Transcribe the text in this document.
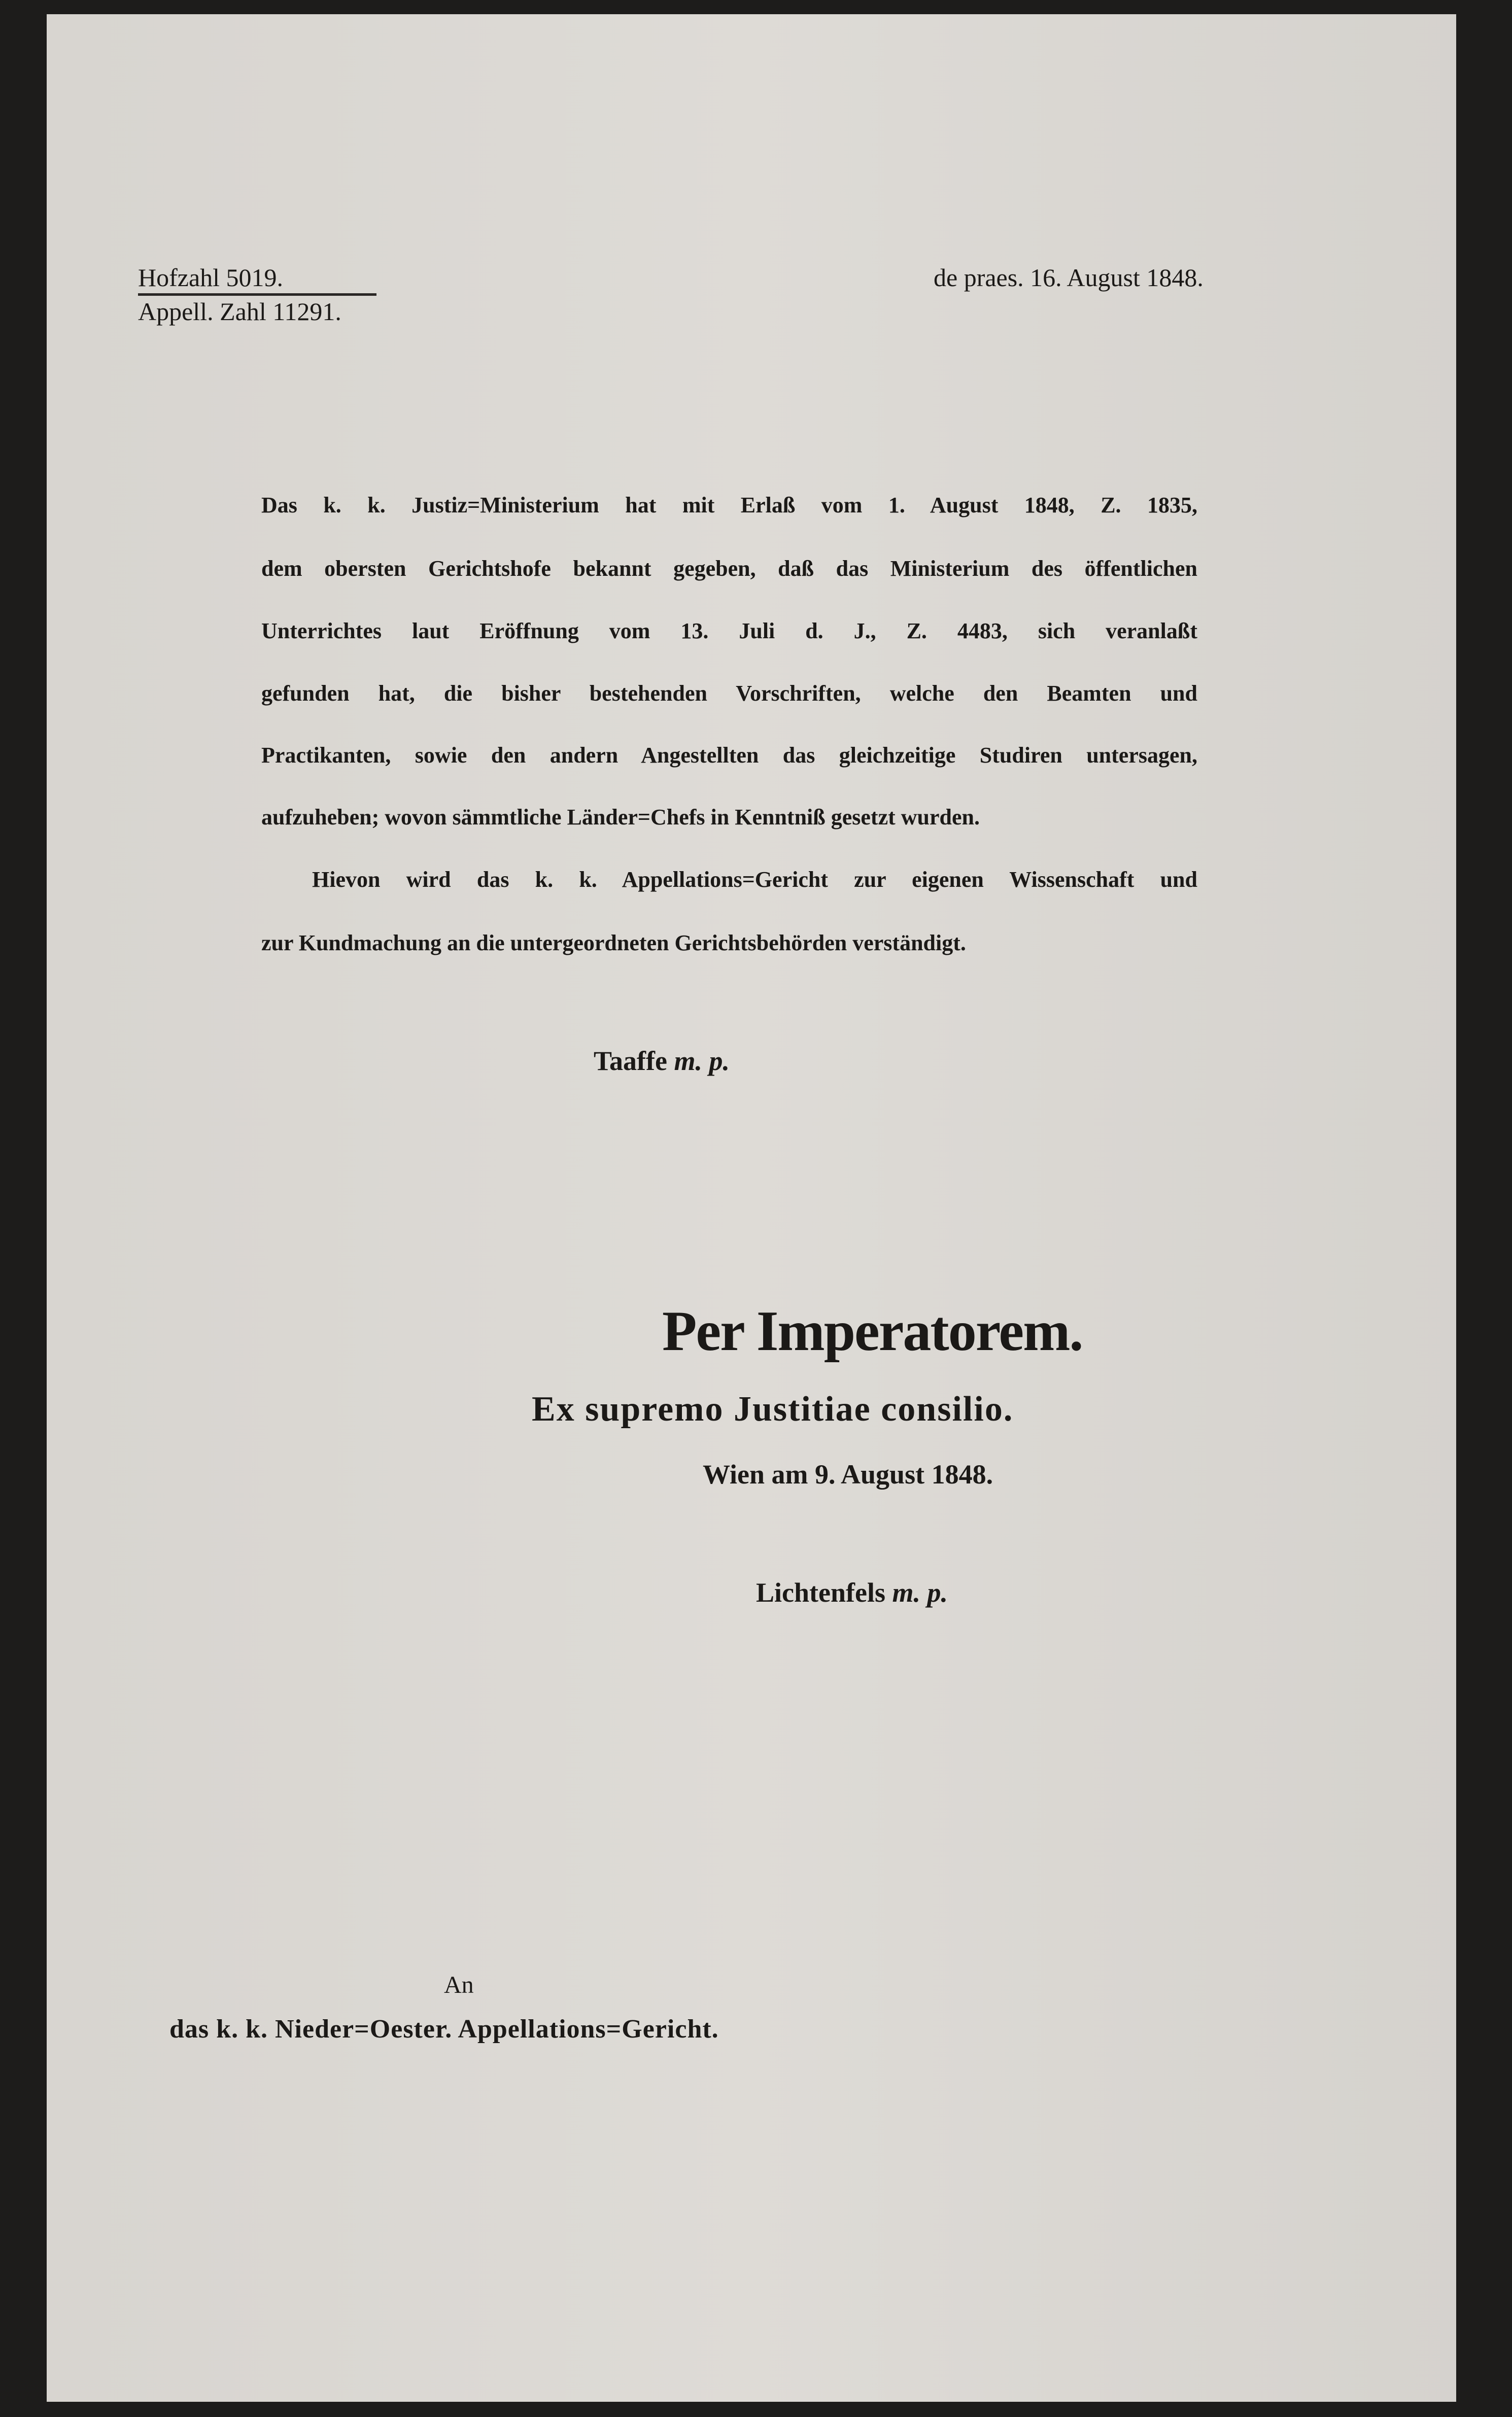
Hofzahl 5019.
Appell. Zahl 11291.
de praes. 16. August 1848.
Das k. k. Justiz=Ministerium hat mit Erlaß vom 1. August 1848, Z. 1835,
dem obersten Gerichtshofe bekannt gegeben, daß das Ministerium des öffentlichen
Unterrichtes laut Eröffnung vom 13. Juli d. J., Z. 4483, sich veranlaßt
gefunden hat, die bisher bestehenden Vorschriften, welche den Beamten und
Practikanten, sowie den andern Angestellten das gleichzeitige Studiren untersagen,
aufzuheben; wovon sämmtliche Länder=Chefs in Kenntniß gesetzt wurden.
Hievon wird das k. k. Appellations=Gericht zur eigenen Wissenschaft und
zur Kundmachung an die untergeordneten Gerichtsbehörden verständigt.
Taaffe m. p.
Per Imperatorem.
Ex supremo Justitiae consilio.
Wien am 9. August 1848.
Lichtenfels m. p.
An
das k. k. Nieder=Oester. Appellations=Gericht.
